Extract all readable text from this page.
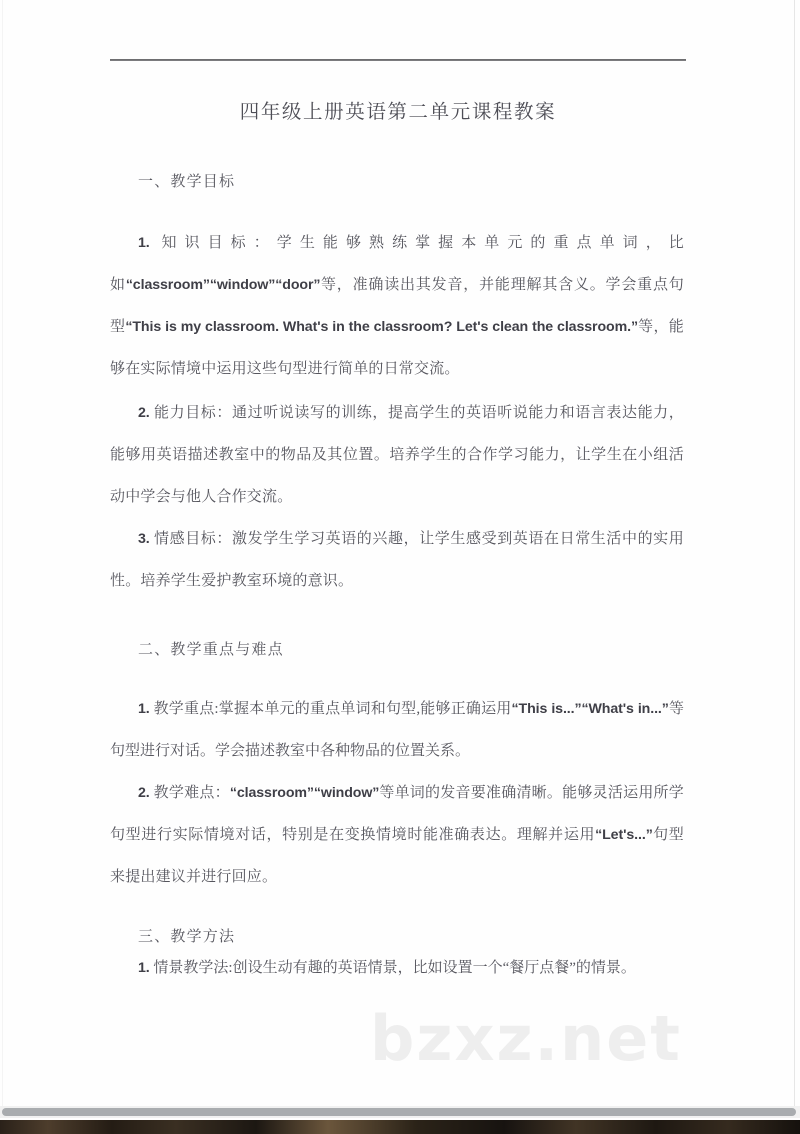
四年级上册英语第二单元课程教案
一、教学目标
1. 知识目标：学生能够熟练掌握本单元的重点单词，比如“classroom”“window”“door”等，准确读出其发音，并能理解其含义。学会重点句型“This is my classroom. What's in the classroom? Let's clean the classroom.”等，能够在实际情境中运用这些句型进行简单的日常交流。
2. 能力目标：通过听说读写的训练，提高学生的英语听说能力和语言表达能力，能够用英语描述教室中的物品及其位置。培养学生的合作学习能力，让学生在小组活动中学会与他人合作交流。
3. 情感目标：激发学生学习英语的兴趣，让学生感受到英语在日常生活中的实用性。培养学生爱护教室环境的意识。
二、教学重点与难点
1. 教学重点:掌握本单元的重点单词和句型,能够正确运用“This is...”“What's in...”等句型进行对话。学会描述教室中各种物品的位置关系。
2. 教学难点：“classroom”“window”等单词的发音要准确清晰。能够灵活运用所学句型进行实际情境对话，特别是在变换情境时能准确表达。理解并运用“Let's...”句型来提出建议并进行回应。
三、教学方法
1. 情景教学法:创设生动有趣的英语情景，比如设置一个“餐厅点餐”的情景。
bzxz.net
